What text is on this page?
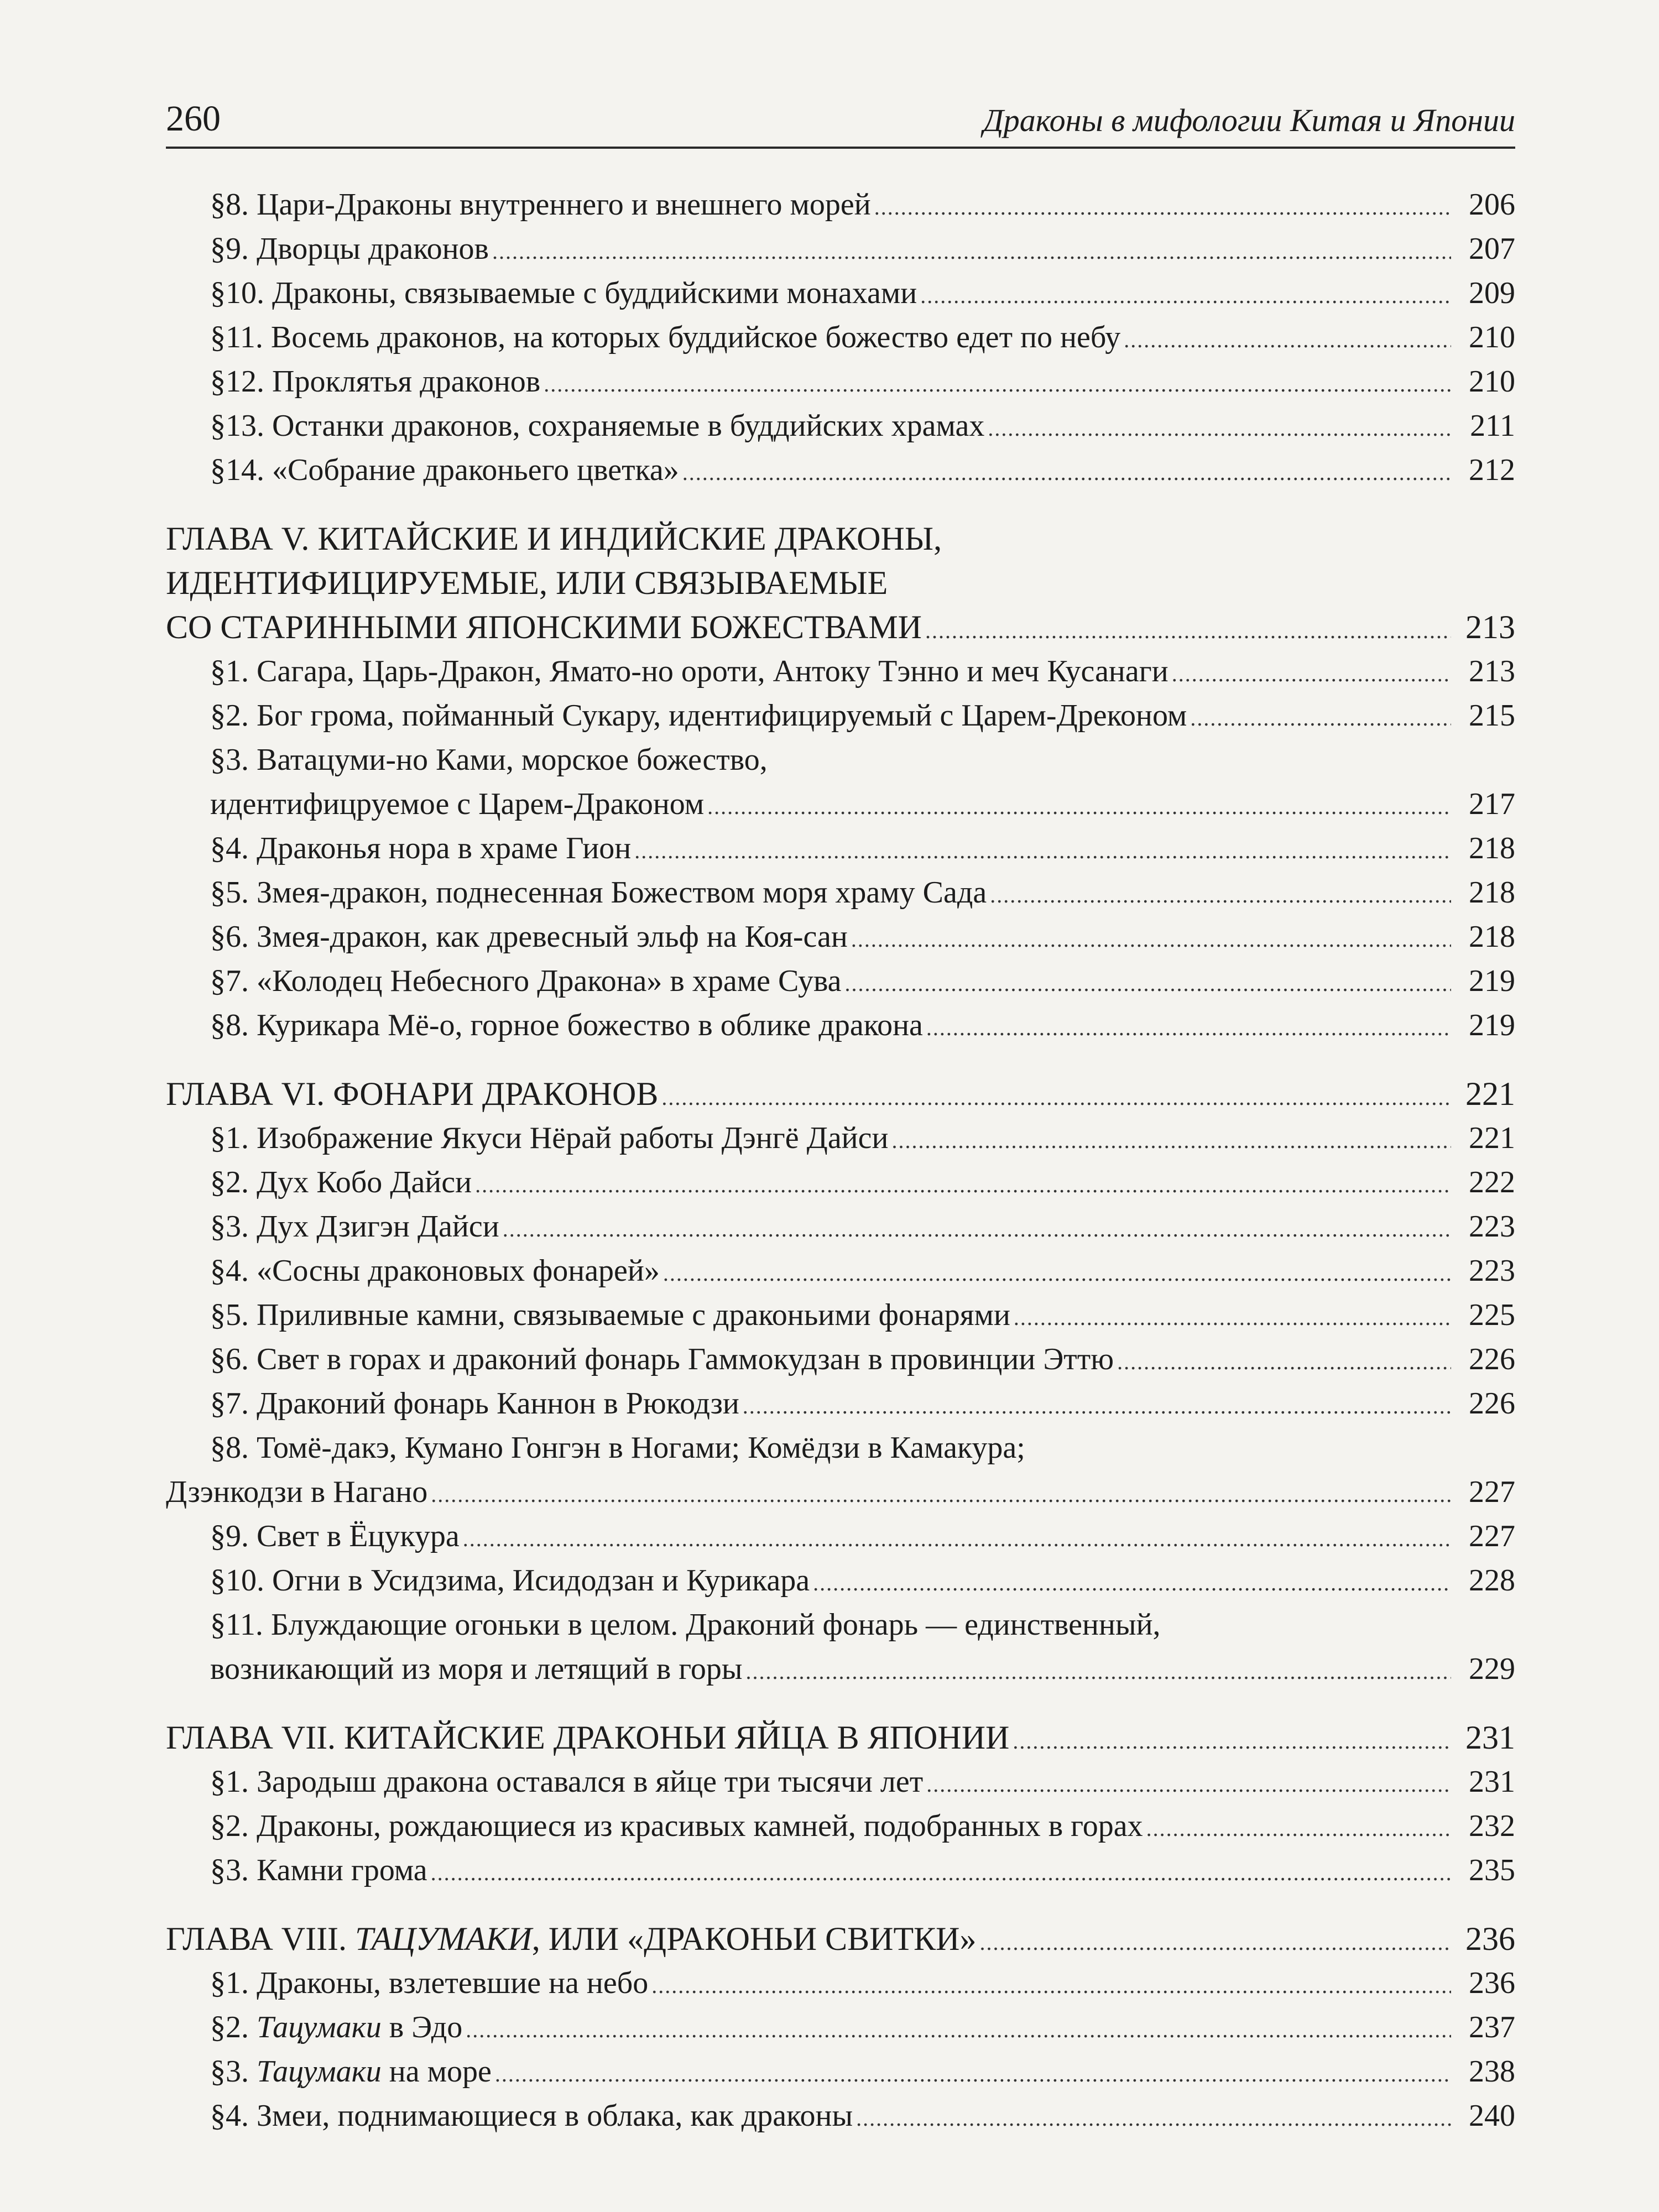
260	Драконы в мифологии Китая и Японии
§8. Цари-Драконы внутреннего и внешнего морей .....	206
§9. Дворцы драконов .....	207
§10. Драконы, связываемые с буддийскими монахами .....	209
§11. Восемь драконов, на которых буддийское божество едет по небу .....	210
§12. Проклятья драконов .....	210
§13. Останки драконов, сохраняемые в буддийских храмах .....	211
§14. «Собрание драконьего цветка» .....	212
ГЛАВА V. КИТАЙСКИЕ И ИНДИЙСКИЕ ДРАКОНЫ,
ИДЕНТИФИЦИРУЕМЫЕ, ИЛИ СВЯЗЫВАЕМЫЕ
СО СТАРИННЫМИ ЯПОНСКИМИ БОЖЕСТВАМИ .....	213
§1. Сагара, Царь-Дракон, Ямато-но ороти, Антоку Тэнно и меч Кусанаги .....	213
§2. Бог грома, пойманный Сукару, идентифицируемый с Царем-Дреконом .....	215
§3. Ватацуми-но Ками, морское божество,
идентифицруемое с Царем-Драконом .....	217
§4. Драконья нора в храме Гион .....	218
§5. Змея-дракон, поднесенная Божеством моря храму Сада .....	218
§6. Змея-дракон, как древесный эльф на Коя-сан .....	218
§7. «Колодец Небесного Дракона» в храме Сува .....	219
§8. Курикара Мё-о, горное божество в облике дракона .....	219
ГЛАВА VI. ФОНАРИ ДРАКОНОВ .....	221
§1. Изображение Якуси Нёрай работы Дэнгё Дайси .....	221
§2. Дух Кобо Дайси .....	222
§3. Дух Дзигэн Дайси .....	223
§4. «Сосны драконовых фонарей» .....	223
§5. Приливные камни, связываемые с драконьими фонарями .....	225
§6. Свет в горах и драконий фонарь Гаммокудзан в провинции Эттю .....	226
§7. Драконий фонарь Каннон в Рюкодзи .....	226
§8. Томё-дакэ, Кумано Гонгэн в Ногами; Комёдзи в Камакура;
Дзэнкодзи в Нагано .....	227
§9. Свет в Ёцукура .....	227
§10. Огни в Усидзима, Исидодзан и Курикара .....	228
§11. Блуждающие огоньки в целом. Драконий фонарь — единственный,
возникающий из моря и летящий в горы .....	229
ГЛАВА VII. КИТАЙСКИЕ ДРАКОНЬИ ЯЙЦА В ЯПОНИИ .....	231
§1. Зародыш дракона оставался в яйце три тысячи лет .....	231
§2. Драконы, рождающиеся из красивых камней, подобранных в горах .....	232
§3. Камни грома .....	235
ГЛАВА VIII. ТАЦУМАКИ, ИЛИ «ДРАКОНЬИ СВИТКИ» .....	236
§1. Драконы, взлетевшие на небо .....	236
§2. Тацумаки в Эдо .....	237
§3. Тацумаки на море .....	238
§4. Змеи, поднимающиеся в облака, как драконы .....	240
